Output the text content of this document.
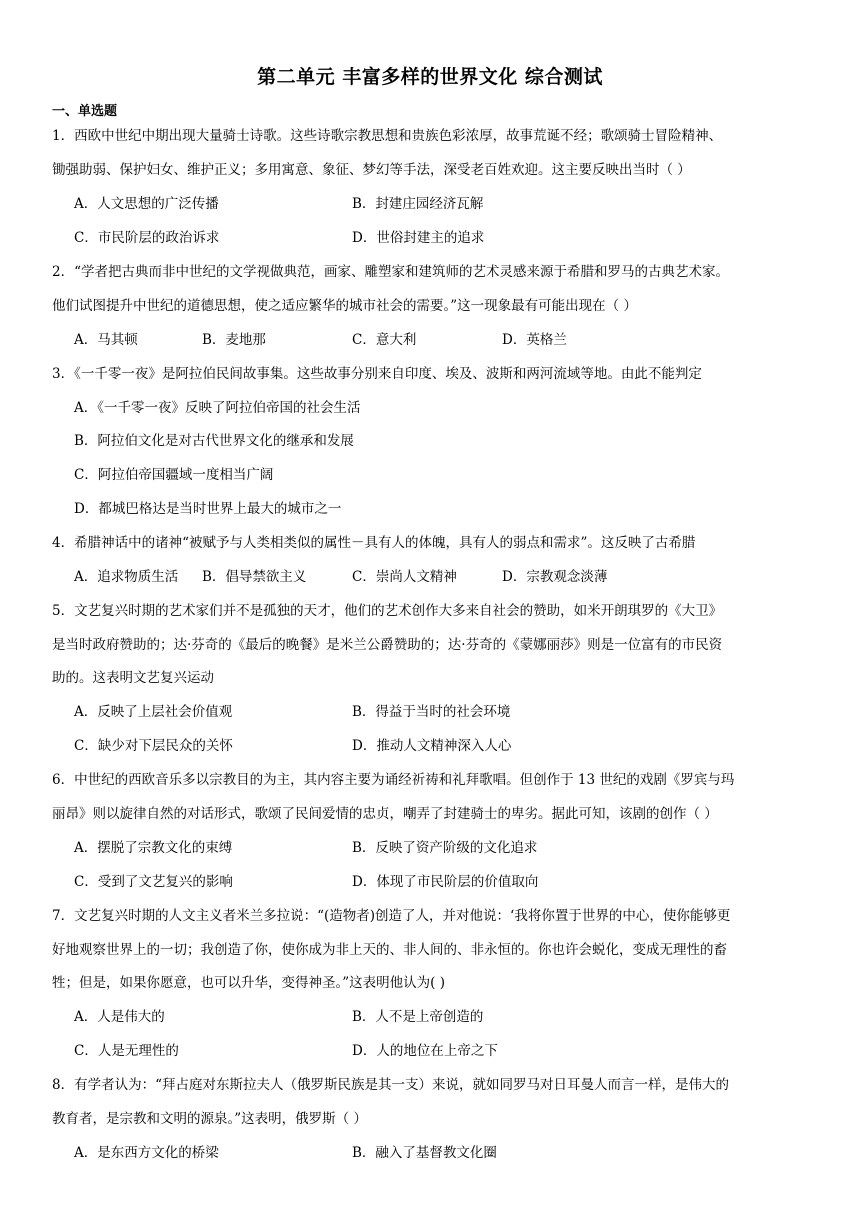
第二单元 丰富多样的世界文化 综合测试
一、单选题
1．西欧中世纪中期出现大量骑士诗歌。这些诗歌宗教思想和贵族色彩浓厚，故事荒诞不经；歌颂骑士冒险精神、
锄强助弱、保护妇女、维护正义；多用寓意、象征、梦幻等手法，深受老百姓欢迎。这主要反映出当时（ ）
A．人文思想的广泛传播	B．封建庄园经济瓦解
C．市民阶层的政治诉求	D．世俗封建主的追求
2．“学者把古典而非中世纪的文学视做典范，画家、雕塑家和建筑师的艺术灵感来源于希腊和罗马的古典艺术家。
他们试图提升中世纪的道德思想，使之适应繁华的城市社会的需要。”这一现象最有可能出现在（ ）
A．马其顿	B．麦地那	C．意大利	D．英格兰
3．《一千零一夜》是阿拉伯民间故事集。这些故事分别来自印度、埃及、波斯和两河流域等地。由此不能判定
A．《一千零一夜》反映了阿拉伯帝国的社会生活
B．阿拉伯文化是对古代世界文化的继承和发展
C．阿拉伯帝国疆域一度相当广阔
D．都城巴格达是当时世界上最大的城市之一
4．希腊神话中的诸神“被赋予与人类相类似的属性－具有人的体魄，具有人的弱点和需求”。这反映了古希腊
A．追求物质生活 B．倡导禁欲主义	C．崇尚人文精神	D．宗教观念淡薄
5．文艺复兴时期的艺术家们并不是孤独的天才，他们的艺术创作大多来自社会的赞助，如米开朗琪罗的《大卫》
是当时政府赞助的；达·芬奇的《最后的晚餐》是米兰公爵赞助的；达·芬奇的《蒙娜丽莎》则是一位富有的市民资
助的。这表明文艺复兴运动
A．反映了上层社会价值观	B．得益于当时的社会环境
C．缺少对下层民众的关怀	D．推动人文精神深入人心
6．中世纪的西欧音乐多以宗教目的为主，其内容主要为诵经祈祷和礼拜歌唱。但创作于 13 世纪的戏剧《罗宾与玛
丽昂》则以旋律自然的对话形式，歌颂了民间爱情的忠贞，嘲弄了封建骑士的卑劣。据此可知，该剧的创作（ ）
A．摆脱了宗教文化的束缚	B．反映了资产阶级的文化追求
C．受到了文艺复兴的影响	D．体现了市民阶层的价值取向
7．文艺复兴时期的人文主义者米兰多拉说：“(造物者)创造了人，并对他说：‘我将你置于世界的中心，使你能够更
好地观察世界上的一切；我创造了你，使你成为非上天的、非人间的、非永恒的。你也许会蜕化，变成无理性的畜
牲；但是，如果你愿意，也可以升华，变得神圣。”这表明他认为( )
A．人是伟大的	B．人不是上帝创造的
C．人是无理性的	D．人的地位在上帝之下
8．有学者认为：“拜占庭对东斯拉夫人（俄罗斯民族是其一支）来说，就如同罗马对日耳曼人而言一样，是伟大的
教育者，是宗教和文明的源泉。”这表明，俄罗斯（ ）
A．是东西方文化的桥梁	B．融入了基督教文化圈
